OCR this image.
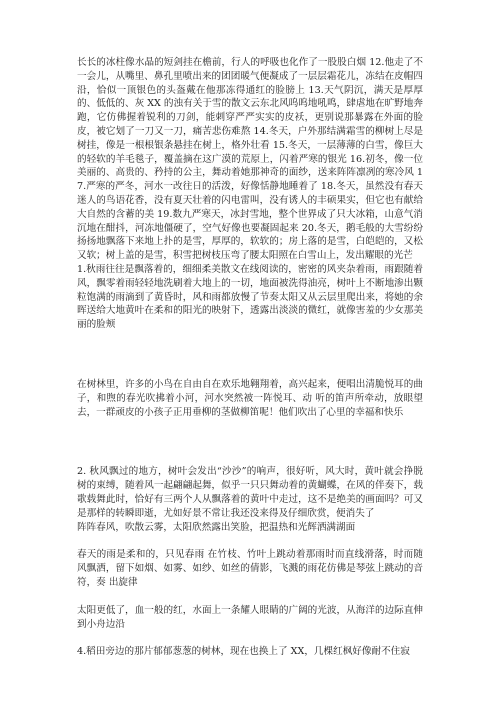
长长的冰柱像水晶的短剑挂在檐前，行人的呼吸也化作了一股股白烟 12.他走了不一会儿，从嘴里、鼻孔里喷出来的团团暖气便凝成了一层层霜花儿，冻结在皮帽四沿，恰似一顶银色的头盔戴在他那冻得通红的脸膀上 13.天气阴沉，满天是厚厚的、低低的、灰 XX 的浊有关于雪的散文云东北风呜呜地吼鸣，肆虐地在旷野地奔跑，它仿佛握着锐利的刀剑，能刺穿严严实实的皮袄，更别说那暴露在外面的脸皮，被它划了一刀又一刀，痛苦悲伤难熬 14.冬天，户外那结满霜雪的柳树上尽是树挂，像是一根根银条悬挂在树上，格外壮看 15.冬天，一层薄薄的白雪，像巨大的轻软的羊毛毯子，覆盖摘在这广漠的荒原上，闪着严寒的银光 16.初冬，像一位美丽的、高贵的、矜持的公主，舞动着她那神奇的面纱，送来阵阵凛冽的寒冷风 17.严寒的严冬，河水一改往日的活泼，好像恬静地睡着了 18.冬天，虽然没有春天迷人的鸟语花香，没有夏天壮着的闪电雷叫，没有诱人的丰硕果实，但它也有献给大自然的含蓄的美 19.数九严寒天，冰封雪地，整个世界成了只大冰箱，山意气消沉地在酣抖，河冻地僵硬了，空气好像也要凝固起来 20.冬天，鹅毛般的大雪纷纷扬扬地飘落下来地上扑的是雪，厚厚的，软软的；房上落的是雪，白皑皑的，又松又软；树上盖的是雪，积雪把树枝压弯了腰太阳照在白雪山上，发出耀眼的光芒

1.秋雨往往是飘落着的，细细柔美散文在线阅读的，密密的风夹杂着雨，雨跟随着风，飘零着雨轻轻地洗刷着大地上的一切，地面被洗得油亮，树叶上不断地渗出颗粒饱满的雨滴到了黄昏时，风和雨都放慢了节奏太阳又从云层里爬出来，将她的余晖送给大地黄叶在柔和的阳光的映射下，透露出淡淡的微红，就像害羞的少女那美丽的脸颊

在树林里，许多的小鸟在自由自在欢乐地翱翔着，高兴起来，便唱出清脆悦耳的曲子，和煦的春光吹拂着小河，河水突然被一阵悦耳、动 听的笛声所牵动，放眼望去，一群顽皮的小孩子正用垂柳的茎做柳笛呢！他们吹出了心里的幸福和快乐

2. 秋风飘过的地方，树叶会发出“沙沙”的响声，很好听，风大时，黄叶就会挣脱树的束缚，随着风一起翩翩起舞，似乎一只只舞动着的黄蝴蝶，在风的伴奏下，载歌载舞此时，恰好有三两个人从飘落着的黄叶中走过，这不是绝美的画面吗？可又是那样的转瞬即逝，尤如好景不常让我还没来得及仔细欣赏，便消失了

阵阵春风，吹散云雾，太阳欣然露出笑脸，把温热和光辉洒满湖面

春天的雨是柔和的，只见春雨 在竹枝、竹叶上跳动着那雨时而直线滑落，时而随风飘洒，留下如烟、如雾、如纱、如丝的倩影，飞溅的雨花仿佛是琴弦上跳动的音符，奏 出旋律

太阳更低了，血一般的红，水面上一条耀人眼睛的广阔的光波，从海洋的边际直伸到小舟边沿

4.稻田旁边的那片郁郁葱葱的树林，现在也换上了 XX，几棵红枫好像耐不住寂
